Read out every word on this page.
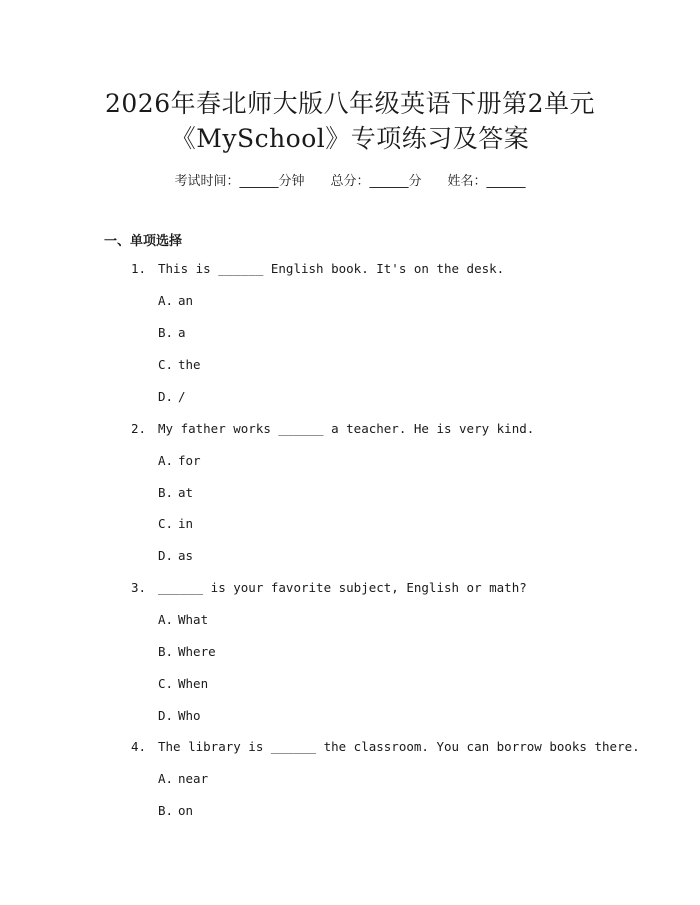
2026年春北师大版八年级英语下册第2单元
《MySchool》专项练习及答案
考试时间：______分钟 总分：______分 姓名：______
一、单项选择
1. This is ______ English book. It's on the desk.
A. an
B. a
C. the
D. /
2. My father works ______ a teacher. He is very kind.
A. for
B. at
C. in
D. as
3. ______ is your favorite subject, English or math?
A. What
B. Where
C. When
D. Who
4. The library is ______ the classroom. You can borrow books there.
A. near
B. on
